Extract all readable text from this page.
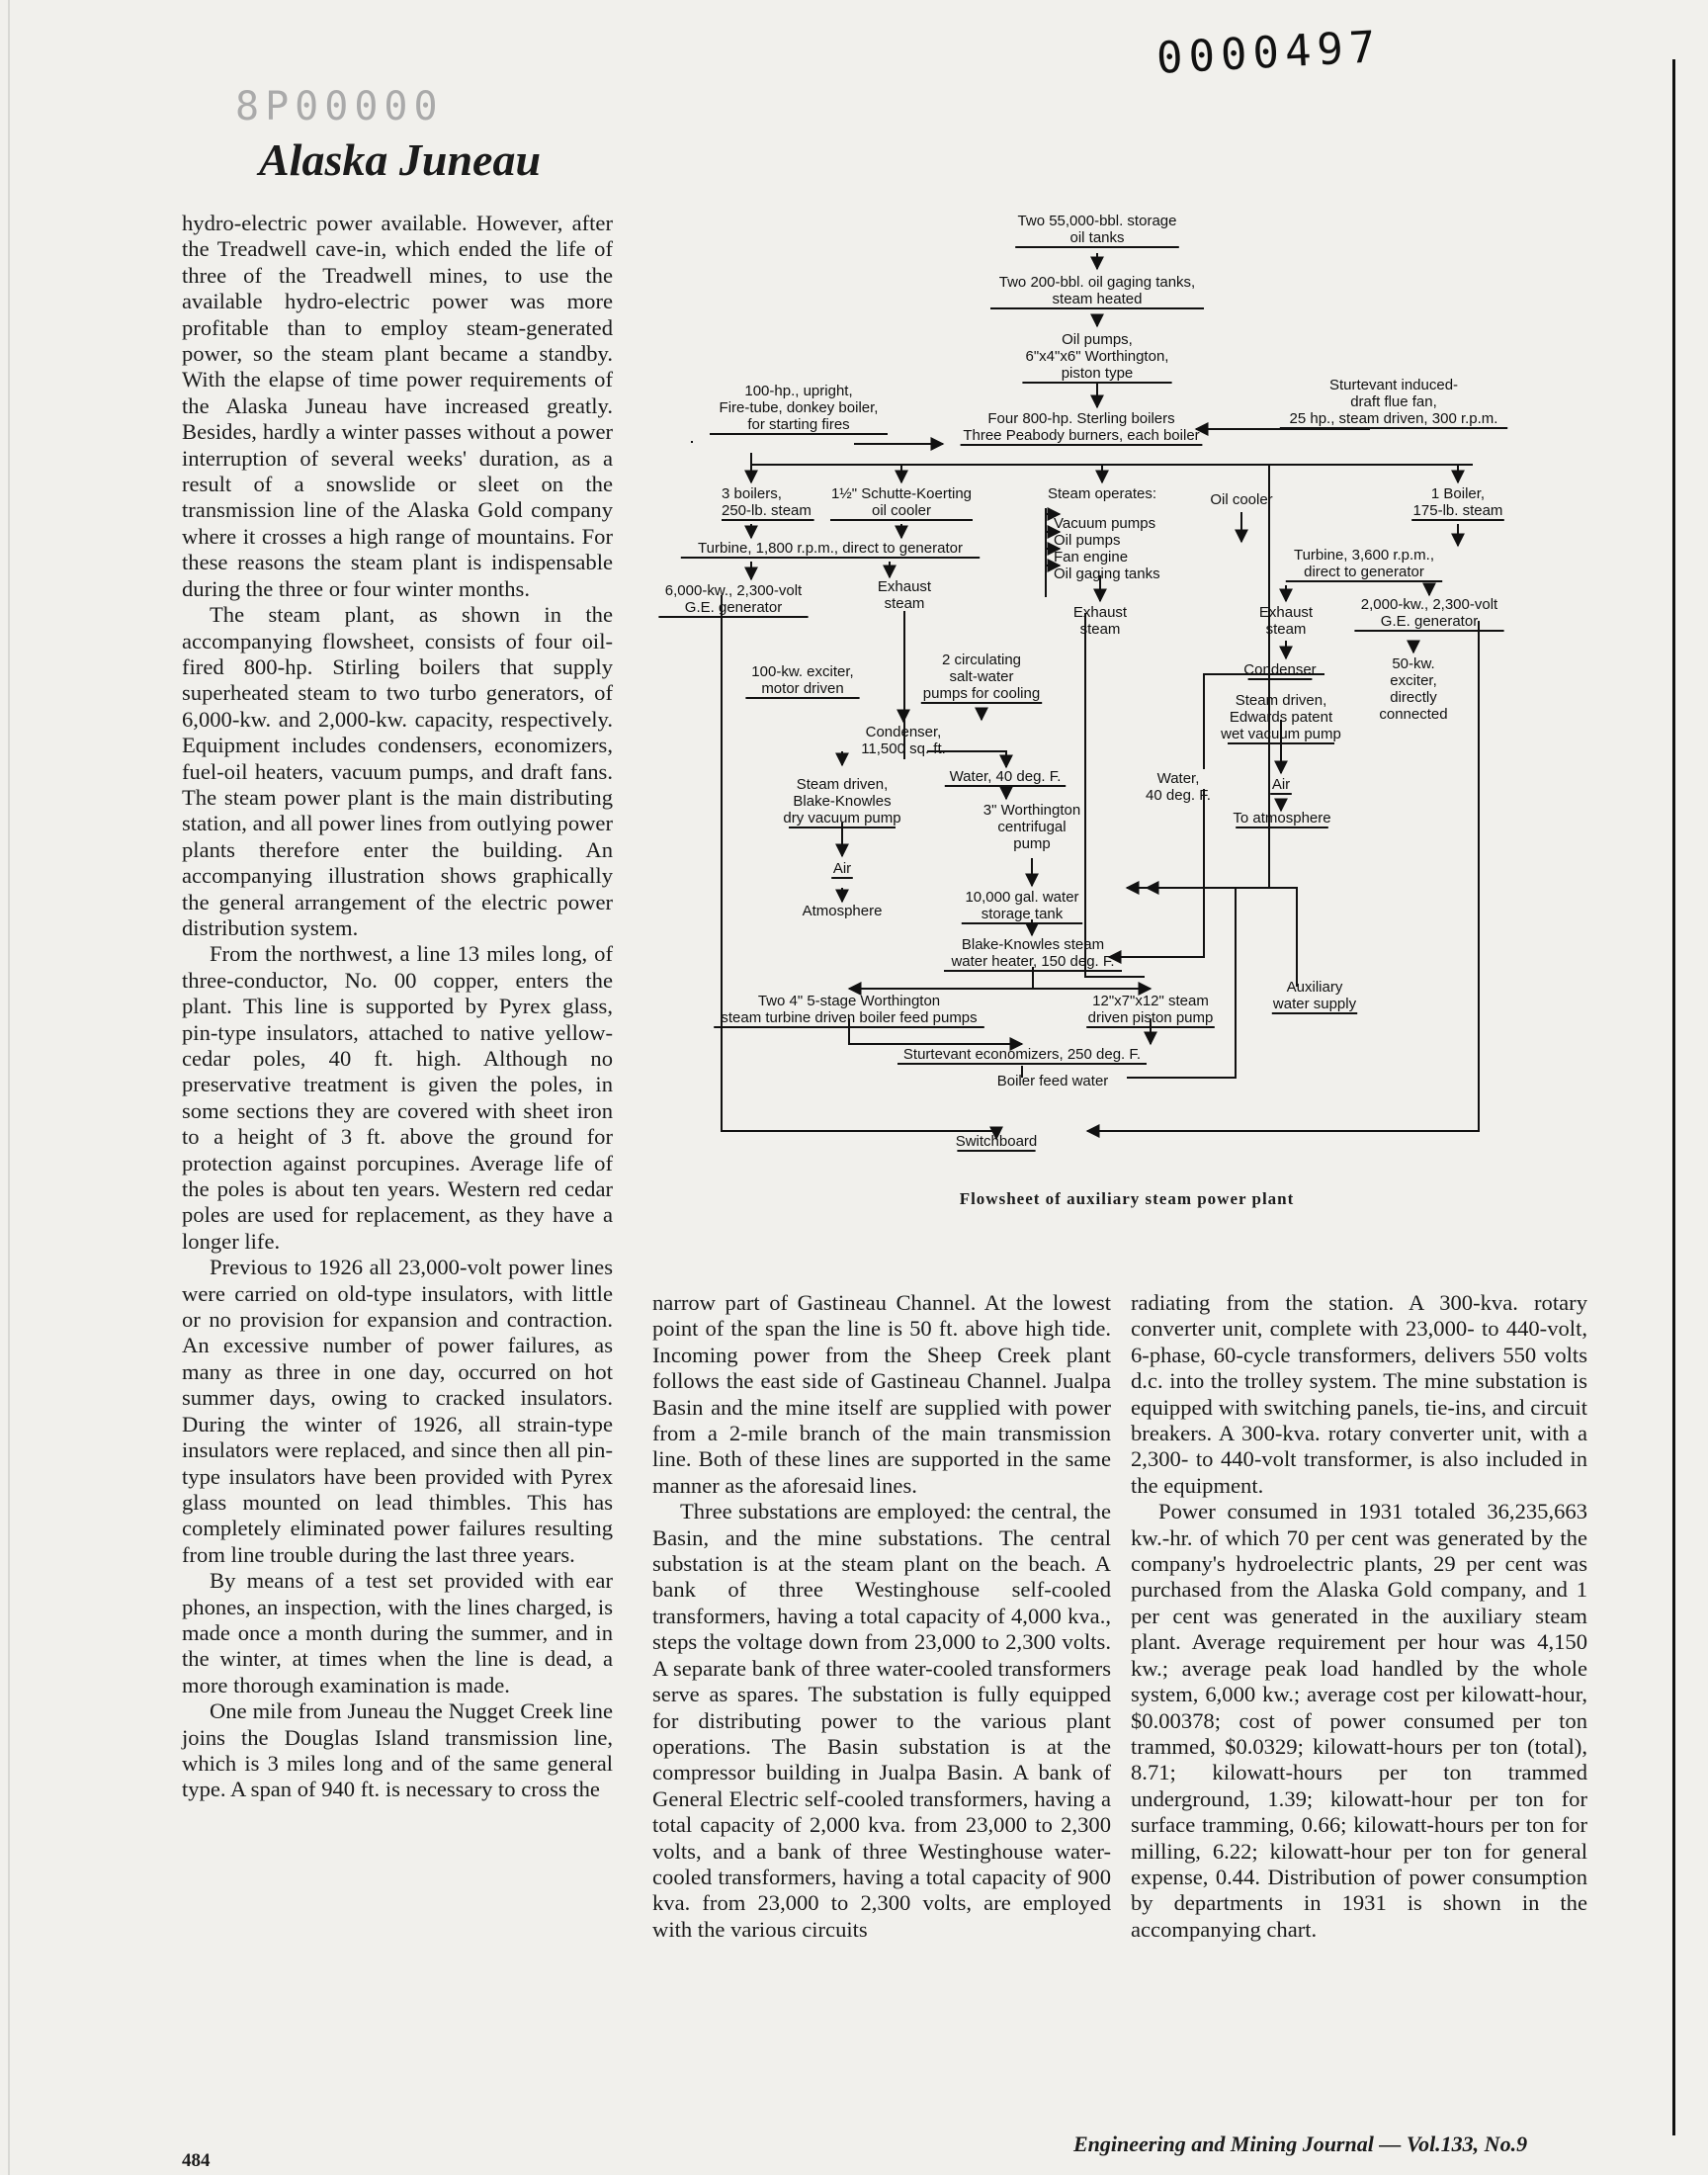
0000497
8P00000
Alaska Juneau

hydro-electric power available. However, after the Treadwell cave-in, which ended the life of three of the Treadwell mines, to use the available hydro-electric power was more profitable than to employ steam-generated power, so the steam plant became a standby. With the elapse of time power requirements of the Alaska Juneau have increased greatly. Besides, hardly a winter passes without a power interruption of several weeks' duration, as a result of a snowslide or sleet on the transmission line of the Alaska Gold company where it crosses a high range of mountains. For these reasons the steam plant is indispensable during the three or four winter months.

The steam plant, as shown in the accompanying flowsheet, consists of four oil-fired 800-hp. Stirling boilers that supply superheated steam to two turbo generators, of 6,000-kw. and 2,000-kw. capacity, respectively. Equipment includes condensers, economizers, fuel-oil heaters, vacuum pumps, and draft fans. The steam power plant is the main distributing station, and all power lines from outlying power plants therefore enter the building. An accompanying illustration shows graphically the general arrangement of the electric power distribution system.

From the northwest, a line 13 miles long, of three-conductor, No. 00 copper, enters the plant. This line is supported by Pyrex glass, pin-type insulators, attached to native yellow-cedar poles, 40 ft. high. Although no preservative treatment is given the poles, in some sections they are covered with sheet iron to a height of 3 ft. above the ground for protection against porcupines. Average life of the poles is about ten years. Western red cedar poles are used for replacement, as they have a longer life.

Previous to 1926 all 23,000-volt power lines were carried on old-type insulators, with little or no provision for expansion and contraction. An excessive number of power failures, as many as three in one day, occurred on hot summer days, owing to cracked insulators. During the winter of 1926, all strain-type insulators were replaced, and since then all pin-type insulators have been provided with Pyrex glass mounted on lead thimbles. This has completely eliminated power failures resulting from line trouble during the last three years.

By means of a test set provided with ear phones, an inspection, with the lines charged, is made once a month during the summer, and in the winter, at times when the line is dead, a more thorough examination is made.

One mile from Juneau the Nugget Creek line joins the Douglas Island transmission line, which is 3 miles long and of the same general type. A span of 940 ft. is necessary to cross the

narrow part of Gastineau Channel. At the lowest point of the span the line is 50 ft. above high tide. Incoming power from the Sheep Creek plant follows the east side of Gastineau Channel. Jualpa Basin and the mine itself are supplied with power from a 2-mile branch of the main transmission line. Both of these lines are supported in the same manner as the aforesaid lines.

Three substations are employed: the central, the Basin, and the mine substations. The central substation is at the steam plant on the beach. A bank of three Westinghouse self-cooled transformers, having a total capacity of 4,000 kva., steps the voltage down from 23,000 to 2,300 volts. A separate bank of three water-cooled transformers serve as spares. The substation is fully equipped for distributing power to the various plant operations. The Basin substation is at the compressor building in Jualpa Basin. A bank of General Electric self-cooled transformers, having a total capacity of 2,000 kva. from 23,000 to 2,300 volts, and a bank of three Westinghouse water-cooled transformers, having a total capacity of 900 kva. from 23,000 to 2,300 volts, are employed with the various circuits

radiating from the station. A 300-kva. rotary converter unit, complete with 23,000- to 440-volt, 6-phase, 60-cycle transformers, delivers 550 volts d.c. into the trolley system. The mine substation is equipped with switching panels, tie-ins, and circuit breakers. A 300-kva. rotary converter unit, with a 2,300- to 440-volt transformer, is also included in the equipment.

Power consumed in 1931 totaled 36,235,663 kw.-hr. of which 70 per cent was generated by the company's hydroelectric plants, 29 per cent was purchased from the Alaska Gold company, and 1 per cent was generated in the auxiliary steam plant. Average requirement per hour was 4,150 kw.; average peak load handled by the whole system, 6,000 kw.; average cost per kilowatt-hour, $0.00378; cost of power consumed per ton trammed, $0.0329; kilowatt-hours per ton (total), 8.71; kilowatt-hours per ton trammed underground, 1.39; kilowatt-hour per ton for surface tramming, 0.66; kilowatt-hours per ton for milling, 6.22; kilowatt-hour per ton for general expense, 0.44. Distribution of power consumption by departments in 1931 is shown in the accompanying chart.

Two 55,000-bbl. storage
oil tanks
Two 200-bbl. oil gaging tanks,
steam heated
Oil pumps,
6"x4"x6" Worthington,
piston type
100-hp., upright,
Fire-tube, donkey boiler,
for starting fires	Four 800-hp. Sterling boilers
Three Peabody burners, each boiler
Sturtevant induced-
draft flue fan,
25 hp., steam driven, 300 r.p.m.
3 boilers,
250-lb. steam
1½" Schutte-Koerting
oil cooler
Steam operates:
Vacuum pumps
Oil pumps
Fan engine
Oil gaging tanks
Oil cooler	1 Boiler,
175-lb. steam
Turbine, 1,800 r.p.m., direct to generator
6,000-kw., 2,300-volt
G.E. generator
Exhaust
steam
Exhaust
steam
Turbine, 3,600 r.p.m.,
direct to generator
Exhaust
steam
2,000-kw., 2,300-volt
G.E. generator
100-kw. exciter,
motor driven
2 circulating
salt-water
pumps for cooling
Condenser	50-kw.
exciter,
directly
connected
Steam driven,
Edwards patent
wet vacuum pump
Condenser,
11,500 sq. ft.
Steam driven,
Blake-Knowles
dry vacuum pump
Water, 40 deg. F.	Water,
40 deg. F.
Air
To atmosphere
3" Worthington
centrifugal
pump
Air
Atmosphere
10,000 gal. water
storage tank
Blake-Knowles steam
water heater, 150 deg. F.
Auxiliary
water supply
Two 4" 5-stage Worthington
steam turbine driven boiler feed pumps
12"x7"x12" steam
driven piston pump
Sturtevant economizers, 250 deg. F.
Boiler feed water
Switchboard
Flowsheet of auxiliary steam power plant
484
Engineering and Mining Journal — Vol.133, No.9
